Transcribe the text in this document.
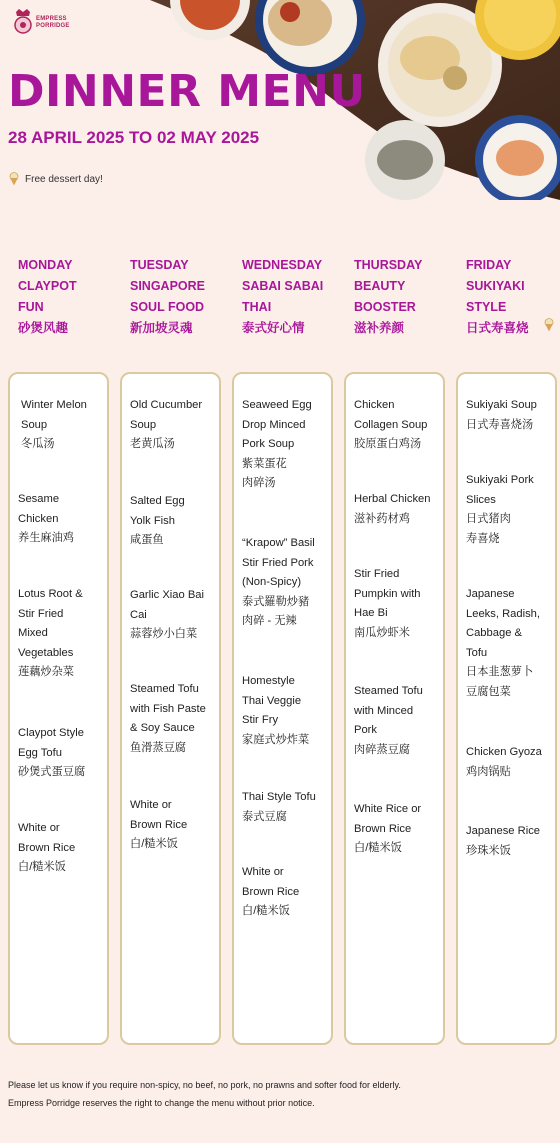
EMPRESS
PORRIDGE
DINNER MENU
28 APRIL 2025 TO 02 MAY 2025
Free dessert day!
MONDAY
CLAYPOT
FUN
砂煲风趣
TUESDAY
SINGAPORE
SOUL FOOD
新加坡灵魂
WEDNESDAY
SABAI SABAI
THAI
泰式好心情
THURSDAY
BEAUTY
BOOSTER
滋补养颜
FRIDAY
SUKIYAKI
STYLE
日式寿喜烧
Winter Melon
Soup
冬瓜汤
Sesame
Chicken
养生麻油鸡
Lotus Root &
Stir Fried
Mixed
Vegetables
莲藕炒杂菜
Claypot Style
Egg Tofu
砂煲式蛋豆腐
White or
Brown Rice
白/糙米饭
Old Cucumber
Soup
老黄瓜汤
Salted Egg
Yolk Fish
咸蛋鱼
Garlic Xiao Bai
Cai
蒜蓉炒小白菜
Steamed Tofu
with Fish Paste
& Soy Sauce
鱼滑蒸豆腐
White or
Brown Rice
白/糙米饭
Seaweed Egg
Drop Minced
Pork Soup
紫菜蛋花
肉碎汤
“Krapow” Basil
Stir Fried Pork
(Non-Spicy)
泰式羅勒炒豬
肉碎 - 无辣
Homestyle
Thai Veggie
Stir Fry
家庭式炒炸菜
Thai Style Tofu
泰式豆腐
White or
Brown Rice
白/糙米饭
Chicken
Collagen Soup
胶原蛋白鸡汤
Herbal Chicken
滋补药材鸡
Stir Fried
Pumpkin with
Hae Bi
南瓜炒虾米
Steamed Tofu
with Minced
Pork
肉碎蒸豆腐
White Rice or
Brown Rice
白/糙米饭
Sukiyaki Soup
日式寿喜烧汤
Sukiyaki Pork
Slices
日式猪肉
寿喜烧
Japanese
Leeks, Radish,
Cabbage &
Tofu
日本韭葱萝卜
豆腐包菜
Chicken Gyoza
鸡肉锅贴
Japanese Rice
珍珠米饭
Please let us know if you require non-spicy, no beef, no pork, no prawns and softer food for elderly.
Empress Porridge reserves the right to change the menu without prior notice.
